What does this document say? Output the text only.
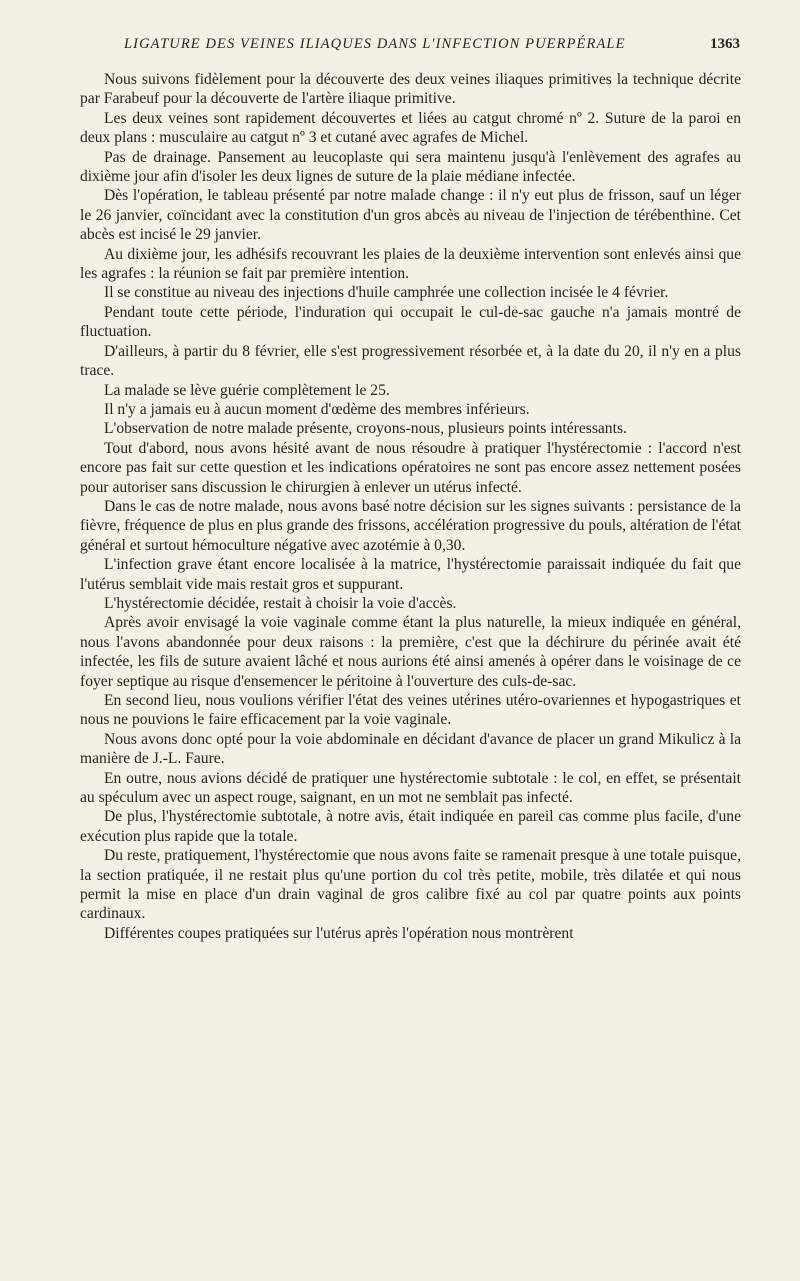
LIGATURE DES VEINES ILIAQUES DANS L'INFECTION PUERPÉRALE	1363

Nous suivons fidèlement pour la découverte des deux veines iliaques primitives la technique décrite par Farabeuf pour la découverte de l'artère iliaque primitive.

Les deux veines sont rapidement découvertes et liées au catgut chromé nº 2. Suture de la paroi en deux plans : musculaire au catgut nº 3 et cutané avec agrafes de Michel.

Pas de drainage. Pansement au leucoplaste qui sera maintenu jusqu'à l'enlèvement des agrafes au dixième jour afin d'isoler les deux lignes de suture de la plaie médiane infectée.

Dès l'opération, le tableau présenté par notre malade change : il n'y eut plus de frisson, sauf un léger le 26 janvier, coïncidant avec la constitution d'un gros abcès au niveau de l'injection de térébenthine. Cet abcès est incisé le 29 janvier.

Au dixième jour, les adhésifs recouvrant les plaies de la deuxième intervention sont enlevés ainsi que les agrafes : la réunion se fait par première intention.

Il se constitue au niveau des injections d'huile camphrée une collection incisée le 4 février.

Pendant toute cette période, l'induration qui occupait le cul-de-sac gauche n'a jamais montré de fluctuation.

D'ailleurs, à partir du 8 février, elle s'est progressivement résorbée et, à la date du 20, il n'y en a plus trace.

La malade se lève guérie complètement le 25.

Il n'y a jamais eu à aucun moment d'œdème des membres inférieurs.

L'observation de notre malade présente, croyons-nous, plusieurs points intéressants.

Tout d'abord, nous avons hésité avant de nous résoudre à pratiquer l'hystérectomie : l'accord n'est encore pas fait sur cette question et les indications opératoires ne sont pas encore assez nettement posées pour autoriser sans discussion le chirurgien à enlever un utérus infecté.

Dans le cas de notre malade, nous avons basé notre décision sur les signes suivants : persistance de la fièvre, fréquence de plus en plus grande des frissons, accélération progressive du pouls, altération de l'état général et surtout hémoculture négative avec azotémie à 0,30.

L'infection grave étant encore localisée à la matrice, l'hystérectomie paraissait indiquée du fait que l'utérus semblait vide mais restait gros et suppurant.

L'hystérectomie décidée, restait à choisir la voie d'accès.

Après avoir envisagé la voie vaginale comme étant la plus naturelle, la mieux indiquée en général, nous l'avons abandonnée pour deux raisons : la première, c'est que la déchirure du périnée avait été infectée, les fils de suture avaient lâché et nous aurions été ainsi amenés à opérer dans le voisinage de ce foyer septique au risque d'ensemencer le péritoine à l'ouverture des culs-de-sac.

En second lieu, nous voulions vérifier l'état des veines utérines utéro-ovariennes et hypogastriques et nous ne pouvions le faire efficacement par la voie vaginale.

Nous avons donc opté pour la voie abdominale en décidant d'avance de placer un grand Mikulicz à la manière de J.-L. Faure.

En outre, nous avions décidé de pratiquer une hystérectomie subtotale : le col, en effet, se présentait au spéculum avec un aspect rouge, saignant, en un mot ne semblait pas infecté.

De plus, l'hystérectomie subtotale, à notre avis, était indiquée en pareil cas comme plus facile, d'une exécution plus rapide que la totale.

Du reste, pratiquement, l'hystérectomie que nous avons faite se ramenait presque à une totale puisque, la section pratiquée, il ne restait plus qu'une portion du col très petite, mobile, très dilatée et qui nous permit la mise en place d'un drain vaginal de gros calibre fixé au col par quatre points aux points cardinaux.

Différentes coupes pratiquées sur l'utérus après l'opération nous montrèrent
